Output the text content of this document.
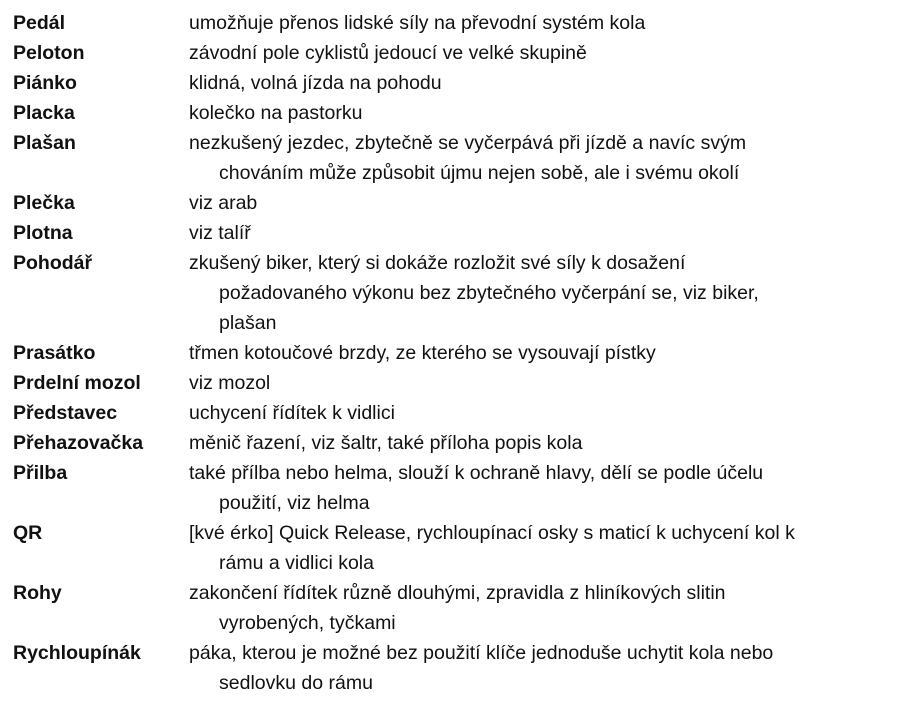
Pedál	umožňuje přenos lidské síly na převodní systém kola
Peloton	závodní pole cyklistů jedoucí ve velké skupině
Piánko	klidná, volná jízda na pohodu
Placka	kolečko na pastorku
Plašan	nezkušený jezdec, zbytečně se vyčerpává při jízdě a navíc svým
chováním může způsobit újmu nejen sobě, ale i svému okolí
Plečka	viz arab
Plotna	viz talíř
Pohodář	zkušený biker, který si dokáže rozložit své síly k dosažení
požadovaného výkonu bez zbytečného vyčerpání se, viz biker,
plašan
Prasátko	třmen kotoučové brzdy, ze kterého se vysouvají pístky
Prdelní mozol	viz mozol
Představec	uchycení řídítek k vidlici
Přehazovačka	měnič řazení, viz šaltr, také příloha popis kola
Přilba	také přílba nebo helma, slouží k ochraně hlavy, dělí se podle účelu
použití, viz helma
QR	[kvé érko] Quick Release, rychloupínací osky s maticí k uchycení kol k
rámu a vidlici kola
Rohy	zakončení řídítek různě dlouhými, zpravidla z hliníkových slitin
vyrobených, tyčkami
Rychloupínák	páka, kterou je možné bez použití klíče jednoduše uchytit kola nebo
sedlovku do rámu
